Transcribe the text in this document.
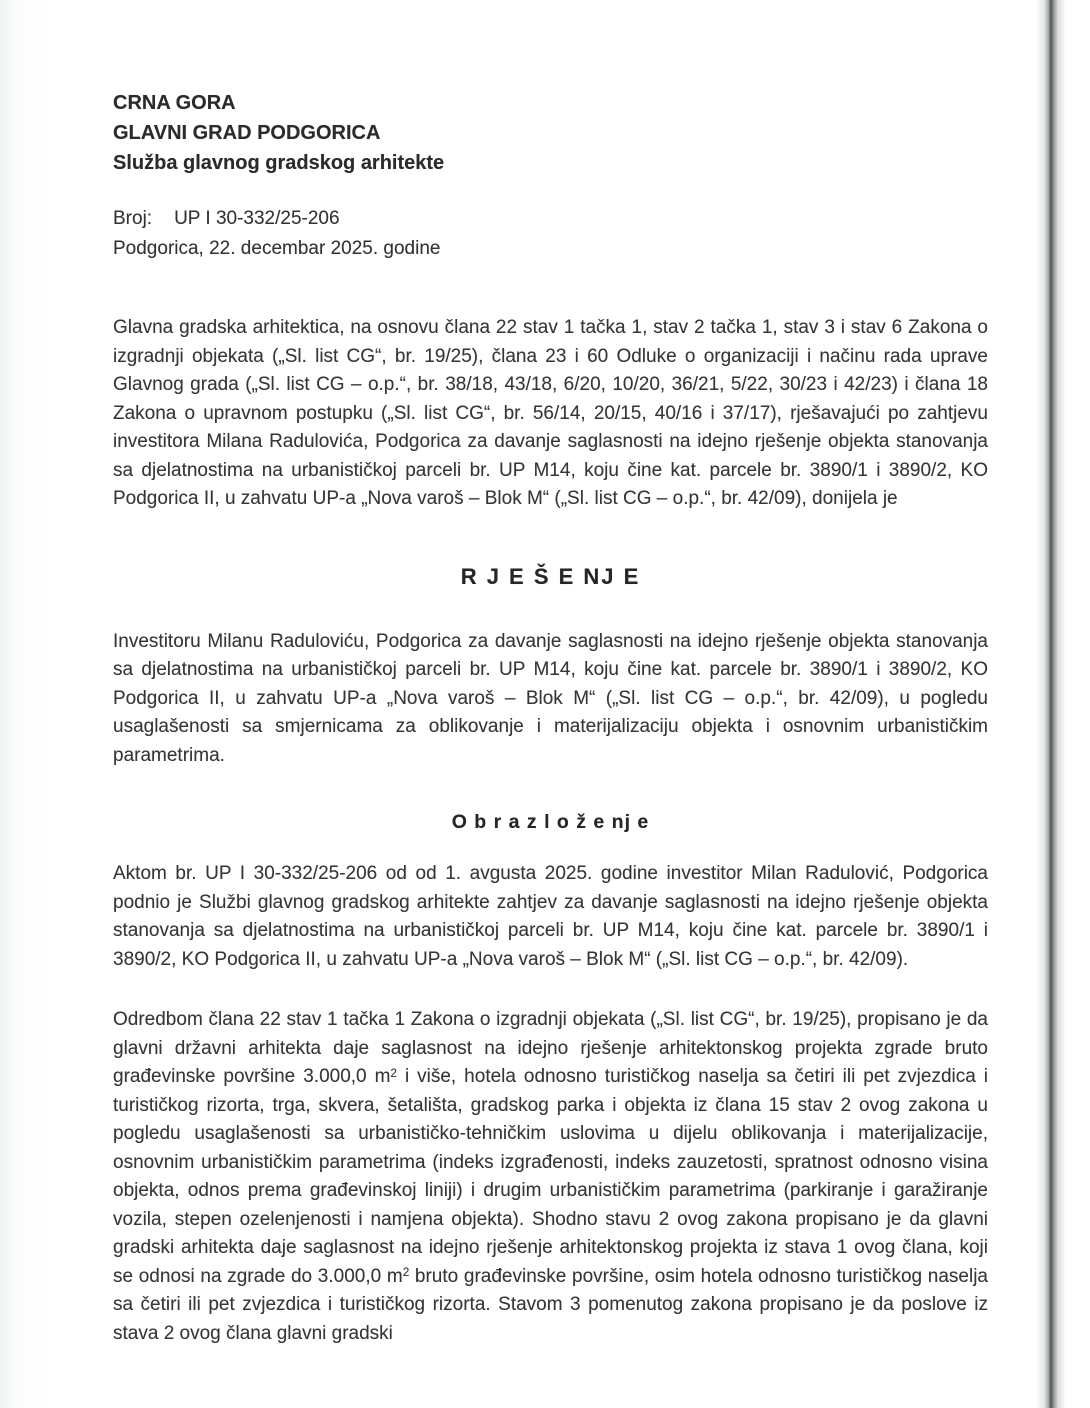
CRNA GORA
GLAVNI GRAD PODGORICA
Služba glavnog gradskog arhitekte
Broj: UP I 30-332/25-206
Podgorica, 22. decembar 2025. godine

Glavna gradska arhitektica, na osnovu člana 22 stav 1 tačka 1, stav 2 tačka 1, stav 3 i stav 6 Zakona o izgradnji objekata („Sl. list CG“, br. 19/25), člana 23 i 60 Odluke o organizaciji i načinu rada uprave Glavnog grada („Sl. list CG – o.p.“, br. 38/18, 43/18, 6/20, 10/20, 36/21, 5/22, 30/23 i 42/23) i člana 18 Zakona o upravnom postupku („Sl. list CG“, br. 56/14, 20/15, 40/16 i 37/17), rješavajući po zahtjevu investitora Milana Radulovića, Podgorica za davanje saglasnosti na idejno rješenje objekta stanovanja sa djelatnostima na urbanističkoj parceli br. UP M14, koju čine kat. parcele br. 3890/1 i 3890/2, KO Podgorica II, u zahvatu UP-a „Nova varoš – Blok M“ („Sl. list CG – o.p.“, br. 42/09), donijela je

R J E Š E NJ E

Investitoru Milanu Raduloviću, Podgorica za davanje saglasnosti na idejno rješenje objekta stanovanja sa djelatnostima na urbanističkoj parceli br. UP M14, koju čine kat. parcele br. 3890/1 i 3890/2, KO Podgorica II, u zahvatu UP-a „Nova varoš – Blok M“ („Sl. list CG – o.p.“, br. 42/09), u pogledu usaglašenosti sa smjernicama za oblikovanje i materijalizaciju objekta i osnovnim urbanističkim parametrima.

O b r a z l o ž e nj e

Aktom br. UP I 30-332/25-206 od od 1. avgusta 2025. godine investitor Milan Radulović, Podgorica podnio je Službi glavnog gradskog arhitekte zahtjev za davanje saglasnosti na idejno rješenje objekta stanovanja sa djelatnostima na urbanističkoj parceli br. UP M14, koju čine kat. parcele br. 3890/1 i 3890/2, KO Podgorica II, u zahvatu UP-a „Nova varoš – Blok M“ („Sl. list CG – o.p.“, br. 42/09).

Odredbom člana 22 stav 1 tačka 1 Zakona o izgradnji objekata („Sl. list CG“, br. 19/25), propisano je da glavni državni arhitekta daje saglasnost na idejno rješenje arhitektonskog projekta zgrade bruto građevinske površine 3.000,0 $m^2$ i više, hotela odnosno turističkog naselja sa četiri ili pet zvjezdica i turističkog rizorta, trga, skvera, šetališta, gradskog parka i objekta iz člana 15 stav 2 ovog zakona u pogledu usaglašenosti sa urbanističko-tehničkim uslovima u dijelu oblikovanja i materijalizacije, osnovnim urbanističkim parametrima (indeks izgrađenosti, indeks zauzetosti, spratnost odnosno visina objekta, odnos prema građevinskoj liniji) i drugim urbanističkim parametrima (parkiranje i garažiranje vozila, stepen ozelenjenosti i namjena objekta). Shodno stavu 2 ovog zakona propisano je da glavni gradski arhitekta daje saglasnost na idejno rješenje arhitektonskog projekta iz stava 1 ovog člana, koji se odnosi na zgrade do 3.000,0 $m^2$ bruto građevinske površine, osim hotela odnosno turističkog naselja sa četiri ili pet zvjezdica i turističkog rizorta. Stavom 3 pomenutog zakona propisano je da poslove iz stava 2 ovog člana glavni gradski
